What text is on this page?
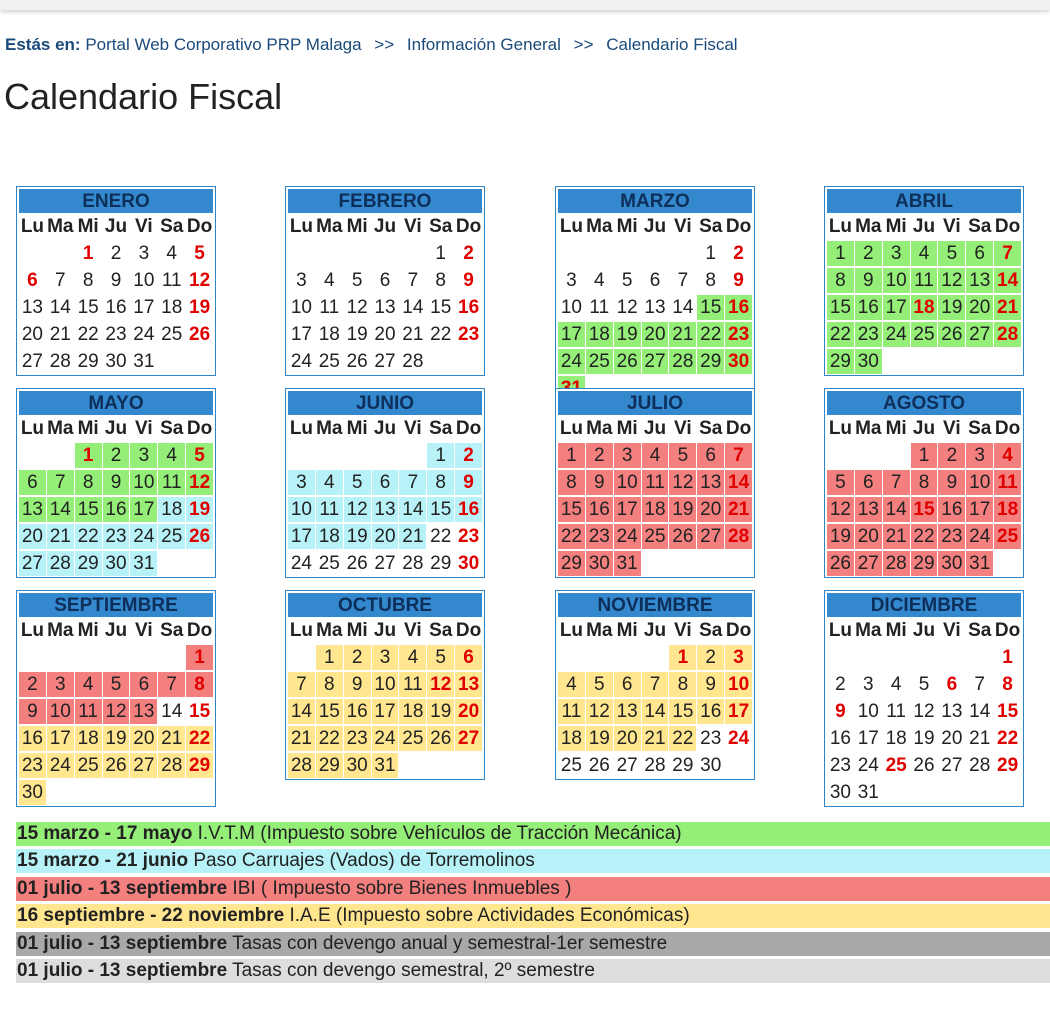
Estás en: Portal Web Corporativo PRP Malaga >> Información General >> Calendario Fiscal
Calendario Fiscal
ENERO
Lu Ma Mi Ju Vi Sa Do
1 2 3 4 5
6 7 8 9 10 11 12
13 14 15 16 17 18 19
20 21 22 23 24 25 26
27 28 29 30 31
FEBRERO
Lu Ma Mi Ju Vi Sa Do
1 2
3 4 5 6 7 8 9
10 11 12 13 14 15 16
17 18 19 20 21 22 23
24 25 26 27 28
MARZO
Lu Ma Mi Ju Vi Sa Do
1 2
3 4 5 6 7 8 9
10 11 12 13 14 15 16
17 18 19 20 21 22 23
24 25 26 27 28 29 30
ABRIL
Lu Ma Mi Ju Vi Sa Do
1 2 3 4 5 6 7
8 9 10 11 12 13 14
15 16 17 18 19 20 21
22 23 24 25 26 27 28
29 30
MAYO
Lu Ma Mi Ju Vi Sa Do
1 2 3 4 5
6 7 8 9 10 11 12
13 14 15 16 17 18 19
20 21 22 23 24 25 26
27 28 29 30 31
JUNIO
Lu Ma Mi Ju Vi Sa Do
1 2
3 4 5 6 7 8 9
10 11 12 13 14 15 16
17 18 19 20 21 22 23
24 25 26 27 28 29 30
JULIO
Lu Ma Mi Ju Vi Sa Do
1 2 3 4 5 6 7
8 9 10 11 12 13 14
15 16 17 18 19 20 21
22 23 24 25 26 27 28
29 30 31
AGOSTO
Lu Ma Mi Ju Vi Sa Do
1 2 3 4
5 6 7 8 9 10 11
12 13 14 15 16 17 18
19 20 21 22 23 24 25
26 27 28 29 30 31
SEPTIEMBRE
Lu Ma Mi Ju Vi Sa Do
1
2 3 4 5 6 7 8
9 10 11 12 13 14 15
16 17 18 19 20 21 22
23 24 25 26 27 28 29
30
OCTUBRE
Lu Ma Mi Ju Vi Sa Do
1 2 3 4 5 6
7 8 9 10 11 12 13
14 15 16 17 18 19 20
21 22 23 24 25 26 27
28 29 30 31
NOVIEMBRE
Lu Ma Mi Ju Vi Sa Do
1 2 3
4 5 6 7 8 9 10
11 12 13 14 15 16 17
18 19 20 21 22 23 24
25 26 27 28 29 30
DICIEMBRE
Lu Ma Mi Ju Vi Sa Do
1
2 3 4 5 6 7 8
9 10 11 12 13 14 15
16 17 18 19 20 21 22
23 24 25 26 27 28 29
30 31
15 marzo - 17 mayo I.V.T.M (Impuesto sobre Vehículos de Tracción Mecánica)
15 marzo - 21 junio Paso Carruajes (Vados) de Torremolinos
01 julio - 13 septiembre IBI ( Impuesto sobre Bienes Inmuebles )
16 septiembre - 22 noviembre I.A.E (Impuesto sobre Actividades Económicas)
01 julio - 13 septiembre Tasas con devengo anual y semestral-1er semestre
01 julio - 13 septiembre Tasas con devengo semestral, 2º semestre
